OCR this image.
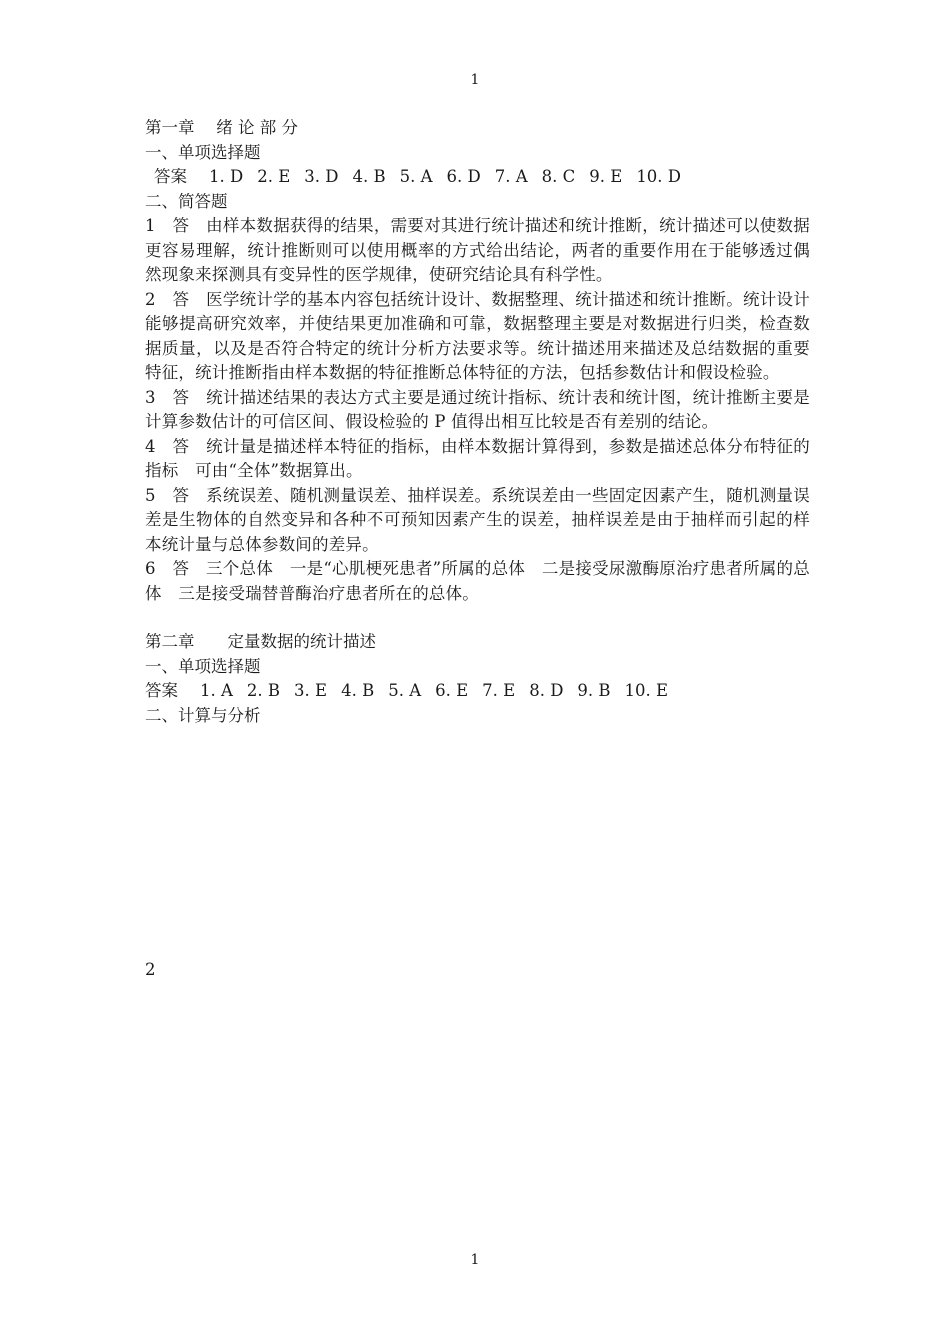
1
第一章　 绪 论 部 分
一、单项选择题
答案 1. D 2. E 3. D 4. B 5. A 6. D 7. A 8. C 9. E 10. D
二、简答题
1　答　由样本数据获得的结果，需要对其进行统计描述和统计推断，统计描述可以使数据更容易理解，统计推断则可以使用概率的方式给出结论，两者的重要作用在于能够透过偶然现象来探测具有变异性的医学规律，使研究结论具有科学性。
2　答　医学统计学的基本内容包括统计设计、数据整理、统计描述和统计推断。统计设计能够提高研究效率，并使结果更加准确和可靠，数据整理主要是对数据进行归类，检查数据质量，以及是否符合特定的统计分析方法要求等。统计描述用来描述及总结数据的重要特征，统计推断指由样本数据的特征推断总体特征的方法，包括参数估计和假设检验。
3　答　统计描述结果的表达方式主要是通过统计指标、统计表和统计图，统计推断主要是计算参数估计的可信区间、假设检验的 P 值得出相互比较是否有差别的结论。
4　答　统计量是描述样本特征的指标，由样本数据计算得到，参数是描述总体分布特征的指标　可由“全体”数据算出。
5　答　系统误差、随机测量误差、抽样误差。系统误差由一些固定因素产生，随机测量误差是生物体的自然变异和各种不可预知因素产生的误差，抽样误差是由于抽样而引起的样本统计量与总体参数间的差异。
6　答　三个总体　一是“心肌梗死患者”所属的总体　二是接受尿激酶原治疗患者所属的总体　三是接受瑞替普酶治疗患者所在的总体。
第二章　　定量数据的统计描述
一、单项选择题
答案 1. A 2. B 3. E 4. B 5. A 6. E 7. E 8. D 9. B 10. E
二、计算与分析
2
1
